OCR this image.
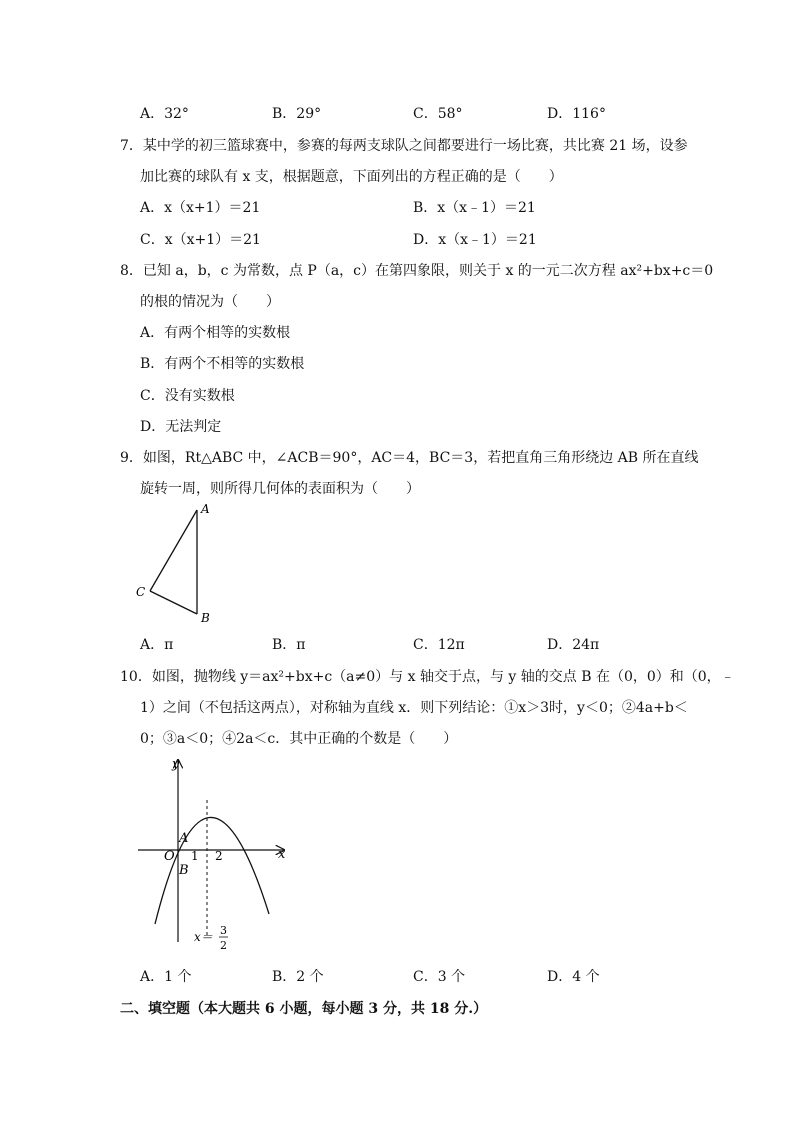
A．32°	B．29°	C．58°	D．116°
7．某中学的初三篮球赛中，参赛的每两支球队之间都要进行一场比赛，共比赛 21 场，设参
加比赛的球队有 x 支，根据题意，下面列出的方程正确的是（　　）
A．x（x+1）＝21	B．x（x﹣1）＝21
C．x（x+1）＝21	D．x（x﹣1）＝21
8．已知 a，b，c 为常数，点 P（a，c）在第四象限，则关于 x 的一元二次方程 ax²+bx+c＝0
的根的情况为（　　）
A．有两个相等的实数根
B．有两个不相等的实数根
C．没有实数根
D．无法判定
9．如图，Rt△ABC 中，∠ACB＝90°，AC＝4，BC＝3，若把直角三角形绕边 AB 所在直线
旋转一周，则所得几何体的表面积为（　　）
A
B
C
A．π	B．π	C．12π	D．24π
10．如图，抛物线 y＝ax²+bx+c（a≠0）与 x 轴交于点，与 y 轴的交点 B 在（0，0）和（0，﹣
1）之间（不包括这两点），对称轴为直线 x．则下列结论：①x＞3时，y＜0；②4a+b＜
0；③a＜0；④2a＜c．其中正确的个数是（　　）
y
x
O
A
B
1 2
x＝ 3
2
A．1 个	B．2 个	C．3 个	D．4 个
二、填空题（本大题共 6 小题，每小题 3 分，共 18 分.）
